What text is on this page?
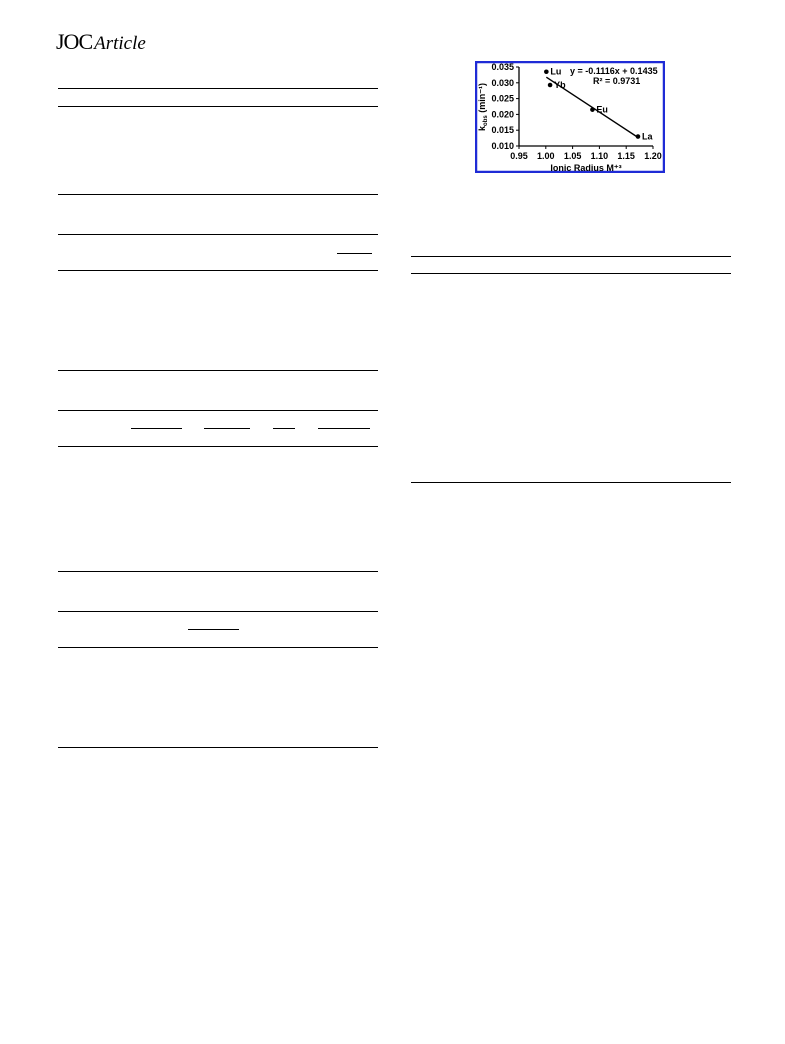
JOC Article
0.010
0.015
0.020
0.025
0.030
0.035
0.95 1.00 1.05 1.10 1.15 1.20
Lu
Yb
Eu
La
y = -0.1116x + 0.1435
R² = 0.9731
Ionic Radius M⁺³
$k_{obs}$ (min⁻¹)
